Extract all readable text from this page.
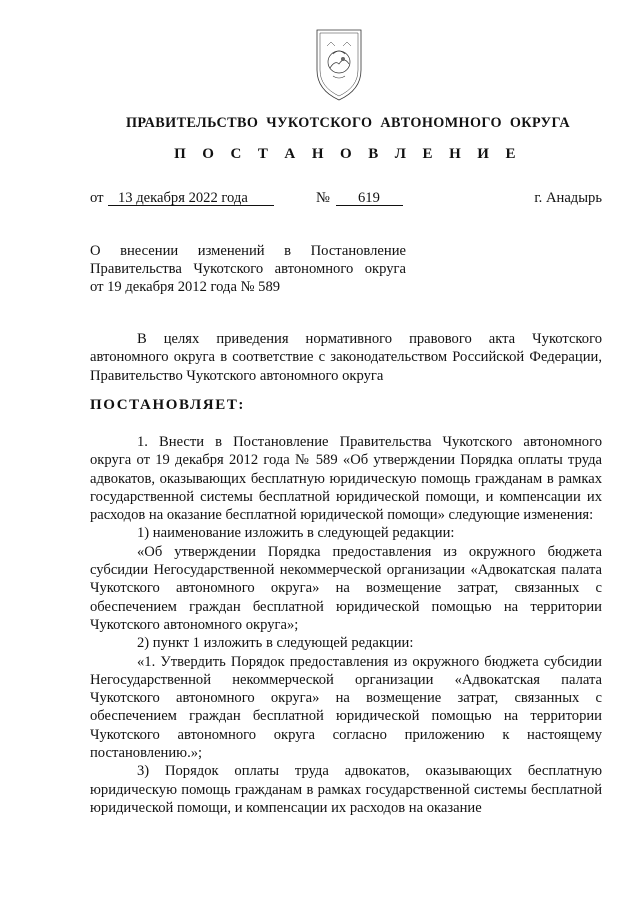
ПРАВИТЕЛЬСТВО ЧУКОТСКОГО АВТОНОМНОГО ОКРУГА
П О С Т А Н О В Л Е Н И Е
от 13 декабря 2022 года	№	619	г. Анадырь
О внесении изменений в Постановление
Правительства Чукотского автономного округа
от 19 декабря 2012 года № 589

В целях приведения нормативного правового акта Чукотского автономного округа в соответствие с законодательством Российской Федерации, Правительство Чукотского автономного округа

ПОСТАНОВЛЯЕТ:

1. Внести в Постановление Правительства Чукотского автономного округа от 19 декабря 2012 года № 589 «Об утверждении Порядка оплаты труда адвокатов, оказывающих бесплатную юридическую помощь гражданам в рамках государственной системы бесплатной юридической помощи, и компенсации их расходов на оказание бесплатной юридической помощи» следующие изменения:

1) наименование изложить в следующей редакции:

«Об утверждении Порядка предоставления из окружного бюджета субсидии Негосударственной некоммерческой организации «Адвокатская палата Чукотского автономного округа» на возмещение затрат, связанных с обеспечением граждан бесплатной юридической помощью на территории Чукотского автономного округа»;

2) пункт 1 изложить в следующей редакции:

«1. Утвердить Порядок предоставления из окружного бюджета субсидии Негосударственной некоммерческой организации «Адвокатская палата Чукотского автономного округа» на возмещение затрат, связанных с обеспечением граждан бесплатной юридической помощью на территории Чукотского автономного округа согласно приложению к настоящему постановлению.»;

3) Порядок оплаты труда адвокатов, оказывающих бесплатную юридическую помощь гражданам в рамках государственной системы бесплатной юридической помощи, и компенсации их расходов на оказание
